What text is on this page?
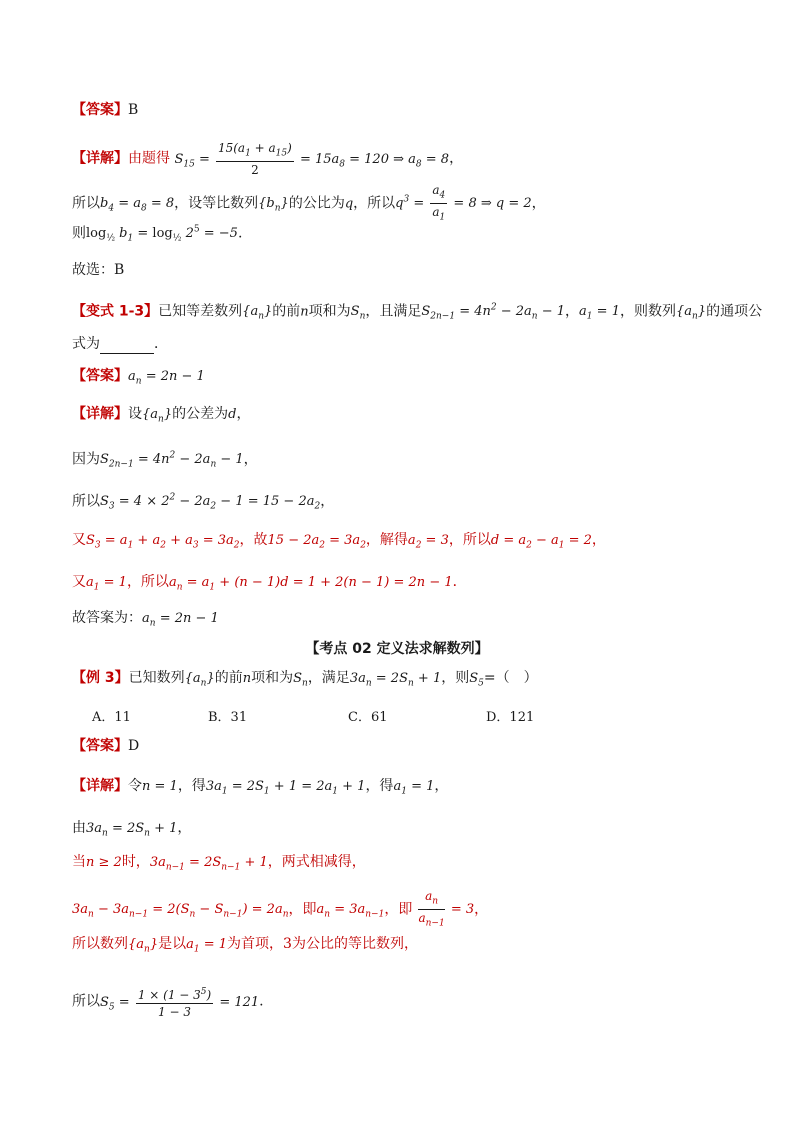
【答案】B
【详解】由题得 $S_{15} = \frac{15(a_1 + a_{15})}{2} = 15a_8 = 120$ ⇒ $a_8 = 8$，
所以$b_4 = a_8 = 8$，设等比数列$\{b_n\}$的公比为q，所以$q^3 = \frac{a_4}{a_1} = 8$ ⇒ q = 2，
则$\log_{\frac{1}{2}} b_1 = \log_{\frac{1}{2}} 2^5 = -5$.
故选：B
【变式 1-3】已知等差数列$\{a_n\}$的前n项和为$S_n$，且满足$S_{2n-1} = 4n^2 - 2a_n - 1$，$a_1 = 1$，则数列$\{a_n\}$的通项公
式为	．
【答案】$a_n = 2n - 1$
【详解】设$\{a_n\}$的公差为d，
因为$S_{2n-1} = 4n^2 - 2a_n - 1$，
所以$S_3 = 4 \times 2^2 - 2a_2 - 1 = 15 - 2a_2$，
又$S_3 = a_1 + a_2 + a_3 = 3a_2$，故$15 - 2a_2 = 3a_2$，解得$a_2 = 3$，所以$d = a_2 - a_1 = 2$，
又$a_1 = 1$，所以$a_n = a_1 + (n - 1)d = 1 + 2(n - 1) = 2n - 1$．
故答案为：$a_n = 2n - 1$
【考点 02 定义法求解数列】
【例 3】已知数列$\{a_n\}$的前n项和为$S_n$，满足$3a_n = 2S_n + 1$，则$S_5=$（　）
A．11	B．31	C．61	D．121
【答案】D
【详解】令n = 1，得$3a_1 = 2S_1 + 1 = 2a_1 + 1$，得$a_1 = 1$，
由$3a_n = 2S_n + 1$，
当n ≥ 2时，$3a_{n-1} = 2S_{n-1} + 1$，两式相减得，
$3a_n - 3a_{n-1} = 2(S_n - S_{n-1}) = 2a_n$，即$a_n = 3a_{n-1}$，即 $\frac{a_n}{a_{n-1}} = 3$，
所以数列$\{a_n\}$是以$a_1 = 1$为首项，3为公比的等比数列，
所以$S_5 = \frac{1 \times (1 - 3^5)}{1 - 3} = 121$.
